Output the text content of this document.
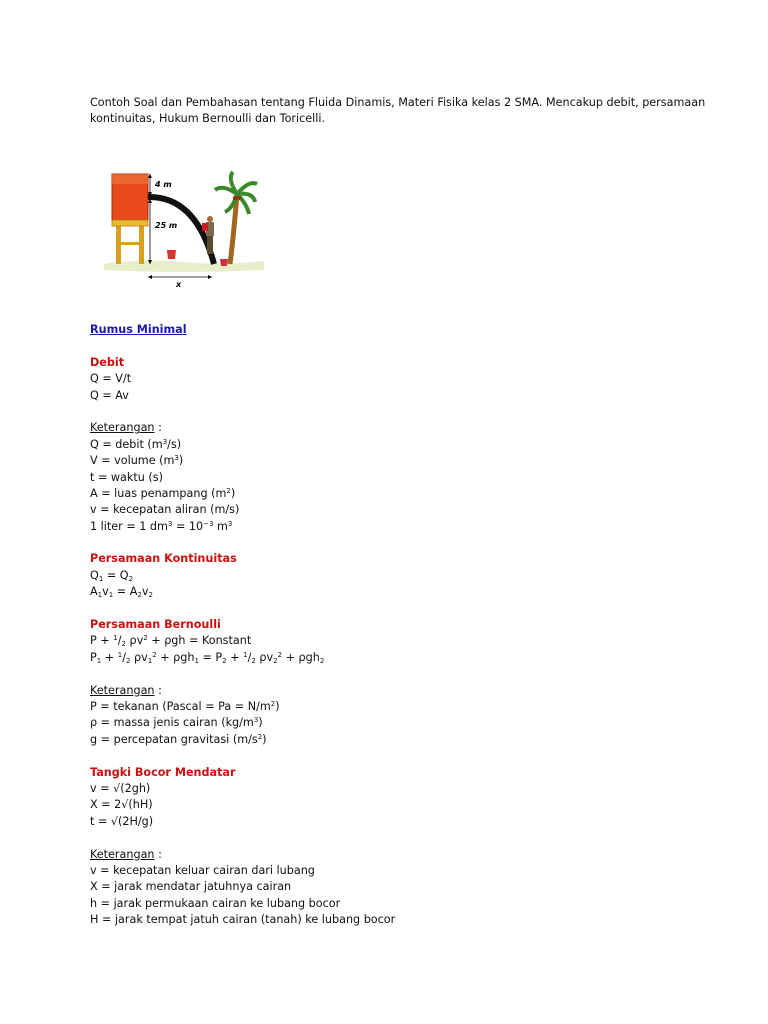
Contoh Soal dan Pembahasan tentang Fluida Dinamis, Materi Fisika kelas 2 SMA. Mencakup debit, persamaan kontinuitas, Hukum Bernoulli dan Toricelli.
4 m
25 m
x
Rumus Minimal
Debit
Q = V/t
Q = Av
Keterangan :
Q = debit $(m^3/s)$
V = volume $(m^3)$
t = waktu (s)
A = luas penampang $(m^2)$
v = kecepatan aliran (m/s)
1 liter = 1 $dm^3 = 10^{-3}$ $m^3$
Persamaan Kontinuitas
$Q_1 = Q_2$
$A_1v_1 = A_2v_2$
Persamaan Bernoulli
$P + ^1/_2$ $\rho v^2 + \rho gh$ = Konstant
$P_1 + ^1/_2$ $\rho v_1^2 + \rho gh_1 = P_2 + ^1/_2$ $\rho v_2^2 + \rho gh_2$
Keterangan :
P = tekanan (Pascal = $Pa = N/m^2$)
ρ = massa jenis cairan $(kg/m^3)$
g = percepatan gravitasi $(m/s^2)$
Tangki Bocor Mendatar
v = √(2gh)
X = 2√(hH)
t = √(2H/g)
Keterangan :
v = kecepatan keluar cairan dari lubang
X = jarak mendatar jatuhnya cairan
h = jarak permukaan cairan ke lubang bocor
H = jarak tempat jatuh cairan (tanah) ke lubang bocor
